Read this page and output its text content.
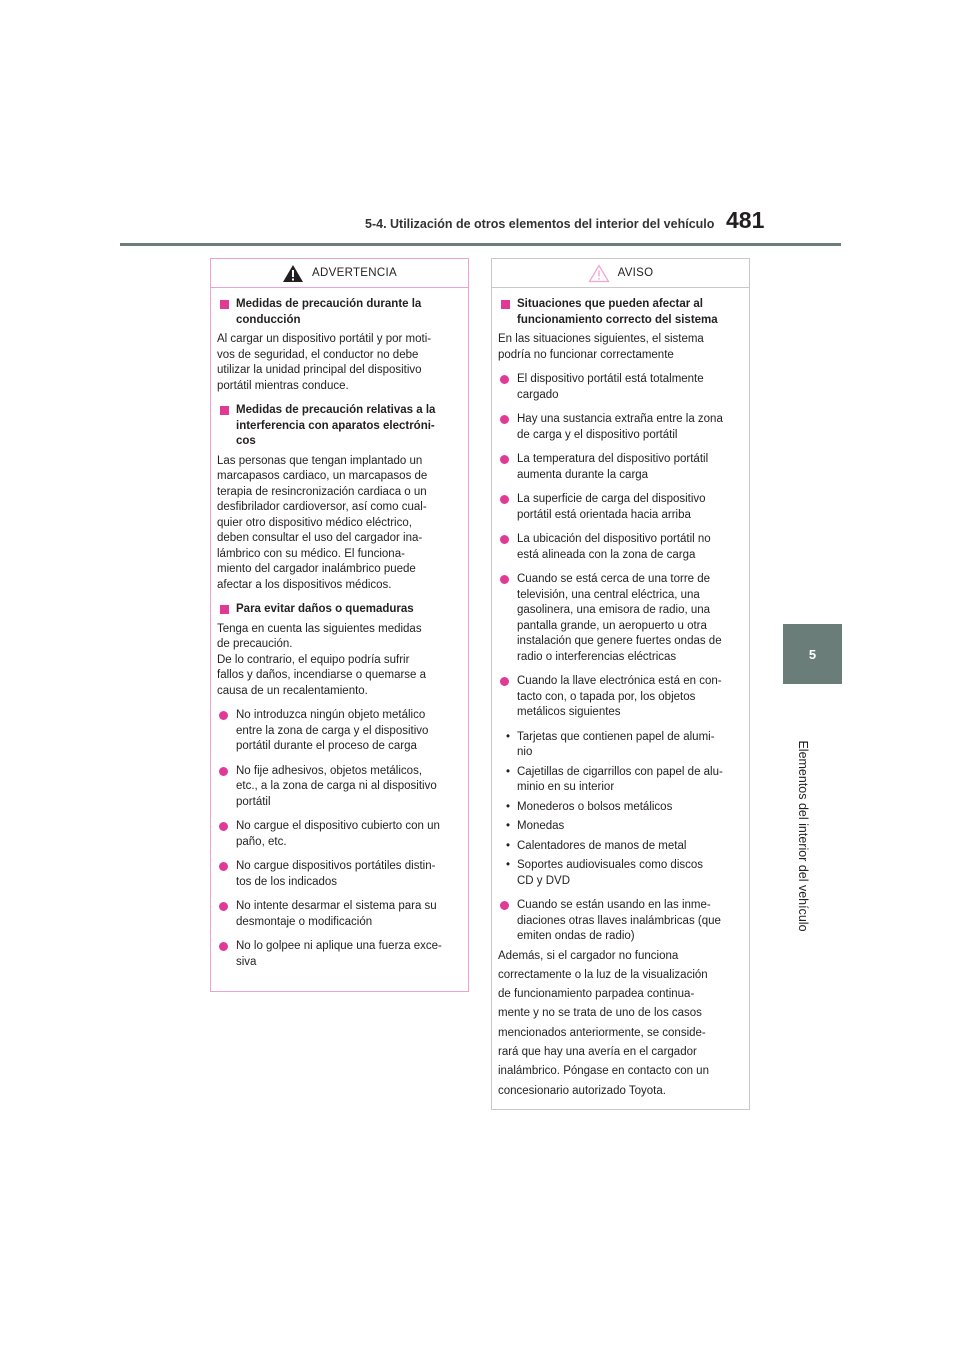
5-4. Utilización de otros elementos del interior del vehículo 481
5
Elementos del interior del vehículo
ADVERTENCIA
Medidas de precaución durante la
conducción
Al cargar un dispositivo portátil y por moti-
vos de seguridad, el conductor no debe
utilizar la unidad principal del dispositivo
portátil mientras conduce.
Medidas de precaución relativas a la
interferencia con aparatos electróni-
cos
Las personas que tengan implantado un
marcapasos cardiaco, un marcapasos de
terapia de resincronización cardiaca o un
desfibrilador cardioversor, así como cual-
quier otro dispositivo médico eléctrico,
deben consultar el uso del cargador ina-
lámbrico con su médico. El funciona-
miento del cargador inalámbrico puede
afectar a los dispositivos médicos.
Para evitar daños o quemaduras
Tenga en cuenta las siguientes medidas
de precaución.
De lo contrario, el equipo podría sufrir
fallos y daños, incendiarse o quemarse a
causa de un recalentamiento.
No introduzca ningún objeto metálico
entre la zona de carga y el dispositivo
portátil durante el proceso de carga
No fije adhesivos, objetos metálicos,
etc., a la zona de carga ni al dispositivo
portátil
No cargue el dispositivo cubierto con un
paño, etc.
No cargue dispositivos portátiles distin-
tos de los indicados
No intente desarmar el sistema para su
desmontaje o modificación
No lo golpee ni aplique una fuerza exce-
siva
AVISO
Situaciones que pueden afectar al
funcionamiento correcto del sistema
En las situaciones siguientes, el sistema
podría no funcionar correctamente
El dispositivo portátil está totalmente
cargado
Hay una sustancia extraña entre la zona
de carga y el dispositivo portátil
La temperatura del dispositivo portátil
aumenta durante la carga
La superficie de carga del dispositivo
portátil está orientada hacia arriba
La ubicación del dispositivo portátil no
está alineada con la zona de carga
Cuando se está cerca de una torre de
televisión, una central eléctrica, una
gasolinera, una emisora de radio, una
pantalla grande, un aeropuerto u otra
instalación que genere fuertes ondas de
radio o interferencias eléctricas
Cuando la llave electrónica está en con-
tacto con, o tapada por, los objetos
metálicos siguientes
• Tarjetas que contienen papel de alumi-
nio
• Cajetillas de cigarrillos con papel de alu-
minio en su interior
• Monederos o bolsos metálicos
• Monedas
• Calentadores de manos de metal
• Soportes audiovisuales como discos
CD y DVD
Cuando se están usando en las inme-
diaciones otras llaves inalámbricas (que
emiten ondas de radio)
Además, si el cargador no funciona
correctamente o la luz de la visualización
de funcionamiento parpadea continua-
mente y no se trata de uno de los casos
mencionados anteriormente, se conside-
rará que hay una avería en el cargador
inalámbrico. Póngase en contacto con un
concesionario autorizado Toyota.
